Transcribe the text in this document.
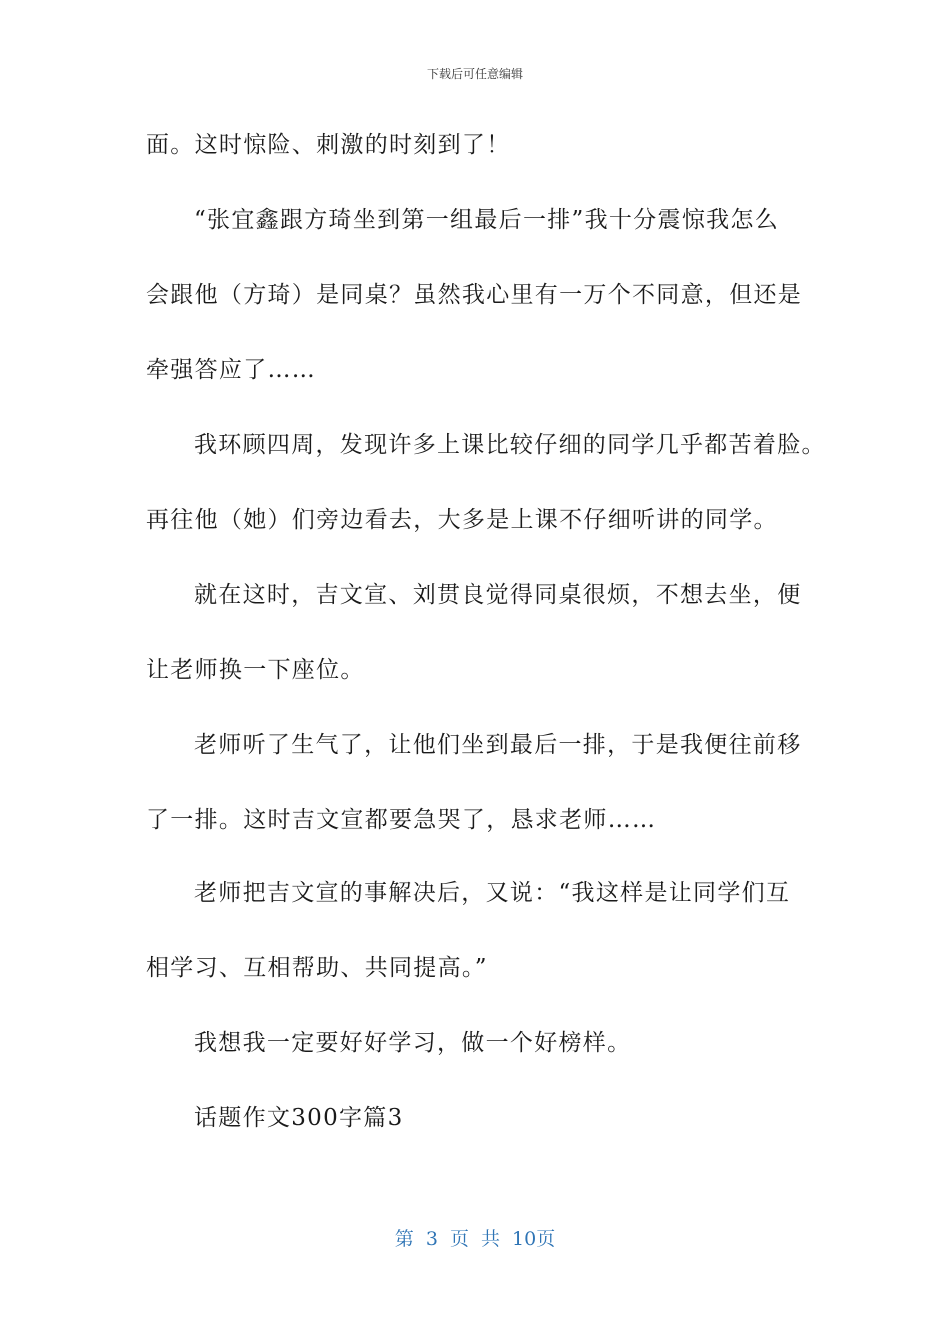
下载后可任意编辑
面。这时惊险、刺激的时刻到了！
“张宜鑫跟方琦坐到第一组最后一排”我十分震惊我怎么
会跟他（方琦）是同桌？虽然我心里有一万个不同意，但还是
牵强答应了……
我环顾四周，发现许多上课比较仔细的同学几乎都苦着脸。
再往他（她）们旁边看去，大多是上课不仔细听讲的同学。
就在这时，吉文宣、刘贯良觉得同桌很烦，不想去坐，便
让老师换一下座位。
老师听了生气了，让他们坐到最后一排，于是我便往前移
了一排。这时吉文宣都要急哭了，恳求老师……
老师把吉文宣的事解决后，又说：“我这样是让同学们互
相学习、互相帮助、共同提高。”
我想我一定要好好学习，做一个好榜样。
话题作文300字篇3
第 3 页 共 10页
